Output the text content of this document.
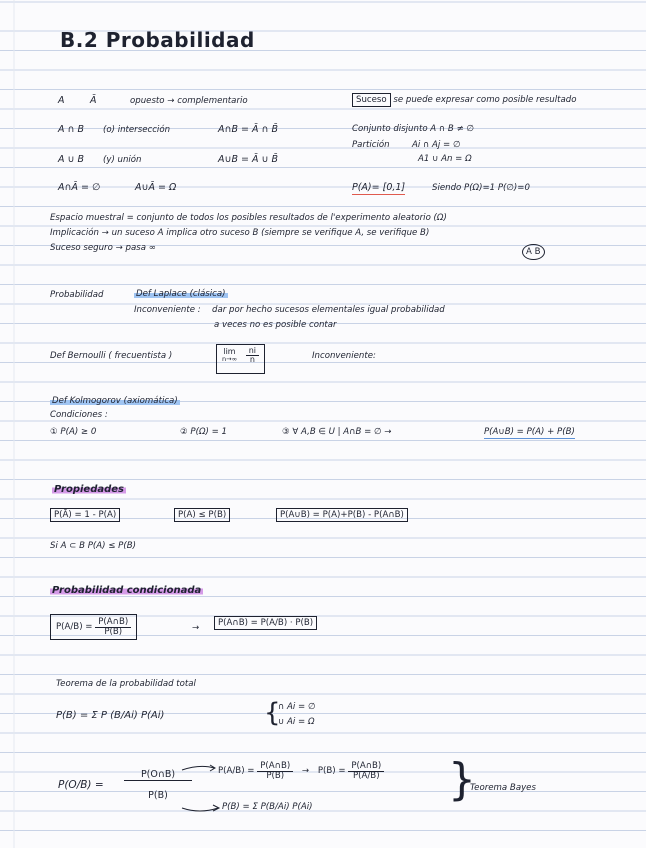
B.2 Probabilidad
A	Ā	opuesto → complementario	Suceso se puede expresar como posible resultado
A ∩ B (o) intersección	A∩B = Ā ∩ B̄	Conjunto disjunto A ∩ B ≠ ∅
Partición	Ai ∩ Aj = ∅
A1 ∪ An = Ω
A ∪ B (y) unión	A∪B = Ā ∪ B̄
A∩Ā = ∅	A∪Ā = Ω	P(A)= [0,1]	Siendo P(Ω)=1 P(∅)=0
Espacio muestral = conjunto de todos los posibles resultados de l'experimento aleatorio (Ω)
Implicación → un suceso A implica otro suceso B (siempre se verifique A, se verifique B)
Suceso seguro → pasa ∞	A B
Probabilidad	Def Laplace (clásica)
Inconveniente : dar por hecho sucesos elementales igual probabilidad
a veces no es posible contar
Def Bernoulli ( frecuentista )	lim
n→∞
$\frac{ni}{n}$	Inconveniente:
Def Kolmogorov (axiomática)
Condiciones :
① P(A) ≥ 0	② P(Ω) = 1	③ ∀ A,B ∈ U | A∩B = ∅ →	P(A∪B) = P(A) + P(B)
Propiedades
P(Ā) = 1 - P(A)	P(A) ≤ P(B)	P(A∪B) = P(A)+P(B) - P(A∩B)
Si A ⊂ B P(A) ≤ P(B)
Probabilidad condicionada
$P(A/B) = \frac{P(A\cap B)}{P(B)}$	→	P(A∩B) = P(A/B) · P(B)
Teorema de la probabilidad total
P(B) = Σ P (B/Ai) P(Ai)	{
∩ Ai = ∅
∪ Ai = Ω
$P(O/B) = \frac{P(O\cap B)}{P(B)}$	$P(A/B) = \frac{P(A\cap B)}{P(B)} \to P(B) = \frac{P(A\cap B)}{P(A/B)}$
P(B) = Σ P(B/Ai) P(Ai)
}
Teorema Bayes
